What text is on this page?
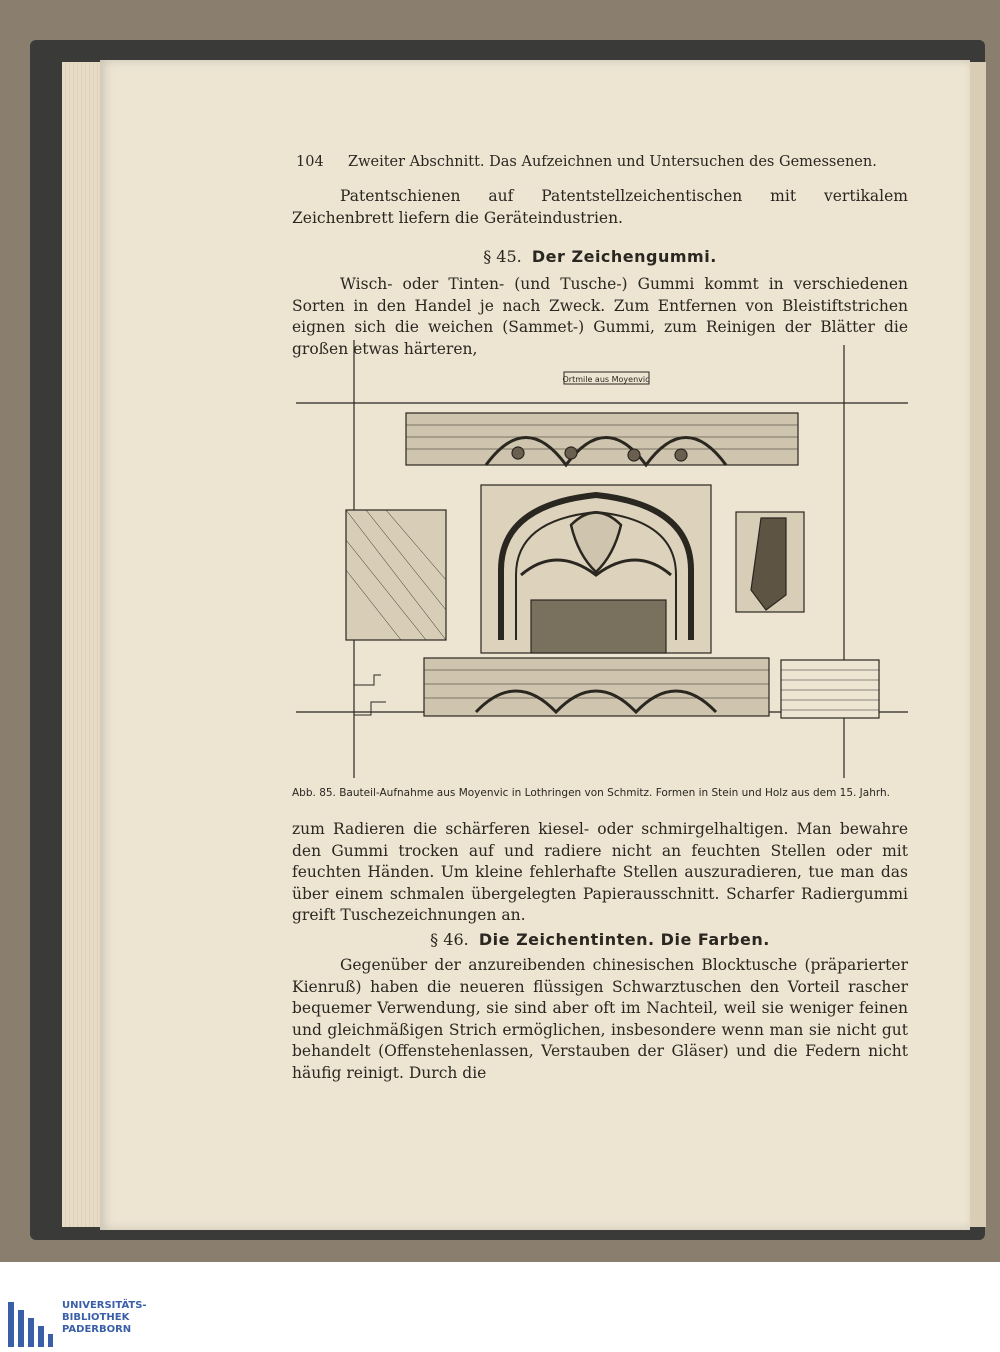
104 Zweiter Abschnitt. Das Aufzeichnen und Untersuchen des Gemessenen.
Patentschienen auf Patentstellzeichentischen mit vertikalem Zeichenbrett liefern die Geräteindustrien.
§ 45. Der Zeichengummi.
Wisch- oder Tinten- (und Tusche-) Gummi kommt in verschiedenen Sorten in den Handel je nach Zweck. Zum Entfernen von Bleistiftstrichen eignen sich die weichen (Sammet-) Gummi, zum Reinigen der Blätter die großen etwas härteren,
Ortmile aus Moyenvic
Abb. 85. Bauteil-Aufnahme aus Moyenvic in Lothringen von Schmitz. Formen in Stein und Holz aus dem 15. Jahrh.
zum Radieren die schärferen kiesel- oder schmirgelhaltigen. Man bewahre den Gummi trocken auf und radiere nicht an feuchten Stellen oder mit feuchten Händen. Um kleine fehlerhafte Stellen auszuradieren, tue man das über einem schmalen übergelegten Papierausschnitt. Scharfer Radiergummi greift Tuschezeichnungen an.
§ 46. Die Zeichentinten. Die Farben.
Gegenüber der anzureibenden chinesischen Blocktusche (präparierter Kienruß) haben die neueren flüssigen Schwarztuschen den Vorteil rascher bequemer Verwendung, sie sind aber oft im Nachteil, weil sie weniger feinen und gleichmäßigen Strich ermöglichen, insbesondere wenn man sie nicht gut behandelt (Offenstehenlassen, Verstauben der Gläser) und die Federn nicht häufig reinigt. Durch die
UNIVERSITÄTS-
BIBLIOTHEK
PADERBORN
